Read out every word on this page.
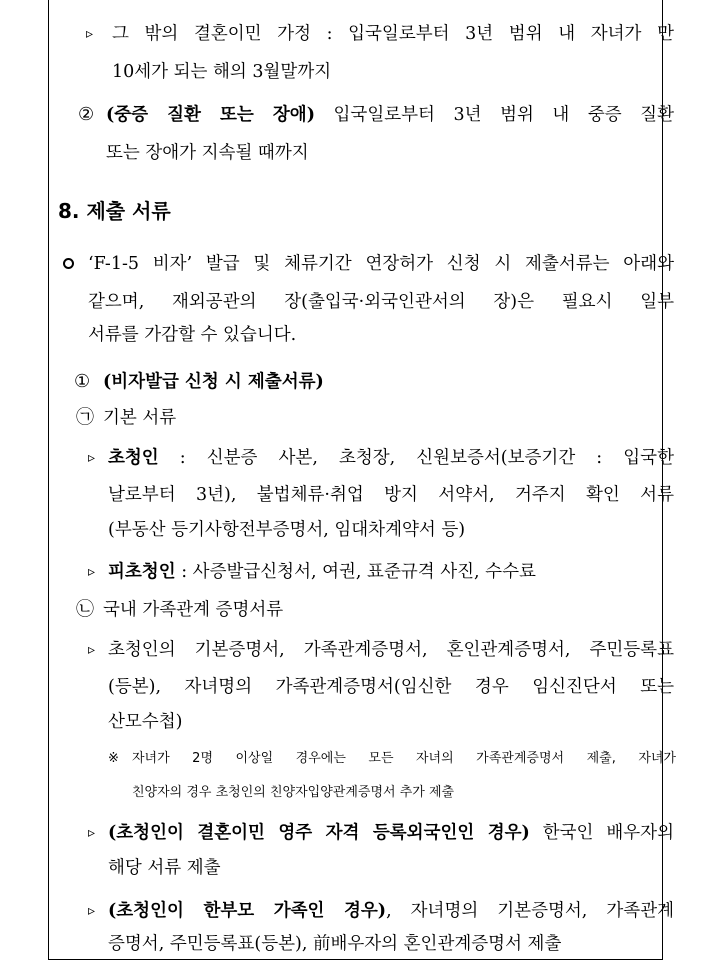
▹ 그 밖의 결혼이민 가정 : 입국일로부터 3년 범위 내 자녀가 만
10세가 되는 해의 3월말까지
② (중증 질환 또는 장애) 입국일로부터 3년 범위 내 중증 질환
또는 장애가 지속될 때까지
8. 제출 서류
‘F-1-5 비자’ 발급 및 체류기간 연장허가 신청 시 제출서류는 아래와
같으며, 재외공관의 장(출입국·외국인관서의 장)은 필요시 일부
서류를 가감할 수 있습니다.
① (비자발급 신청 시 제출서류)
㉠ 기본 서류
▹ 초청인 : 신분증 사본, 초청장, 신원보증서(보증기간 : 입국한
날로부터 3년), 불법체류·취업 방지 서약서, 거주지 확인 서류
(부동산 등기사항전부증명서, 임대차계약서 등)
▹ 피초청인 : 사증발급신청서, 여권, 표준규격 사진, 수수료
㉡ 국내 가족관계 증명서류
▹ 초청인의 기본증명서, 가족관계증명서, 혼인관계증명서, 주민등록표
(등본), 자녀명의 가족관계증명서(임신한 경우 임신진단서 또는
산모수첩)
※ 자녀가 2명 이상일 경우에는 모든 자녀의 가족관계증명서 제출, 자녀가
친양자의 경우 초청인의 친양자입양관계증명서 추가 제출
▹ (초청인이 결혼이민 영주 자격 등록외국인인 경우) 한국인 배우자의
해당 서류 제출
▹ (초청인이 한부모 가족인 경우), 자녀명의 기본증명서, 가족관계
증명서, 주민등록표(등본), 前배우자의 혼인관계증명서 제출
